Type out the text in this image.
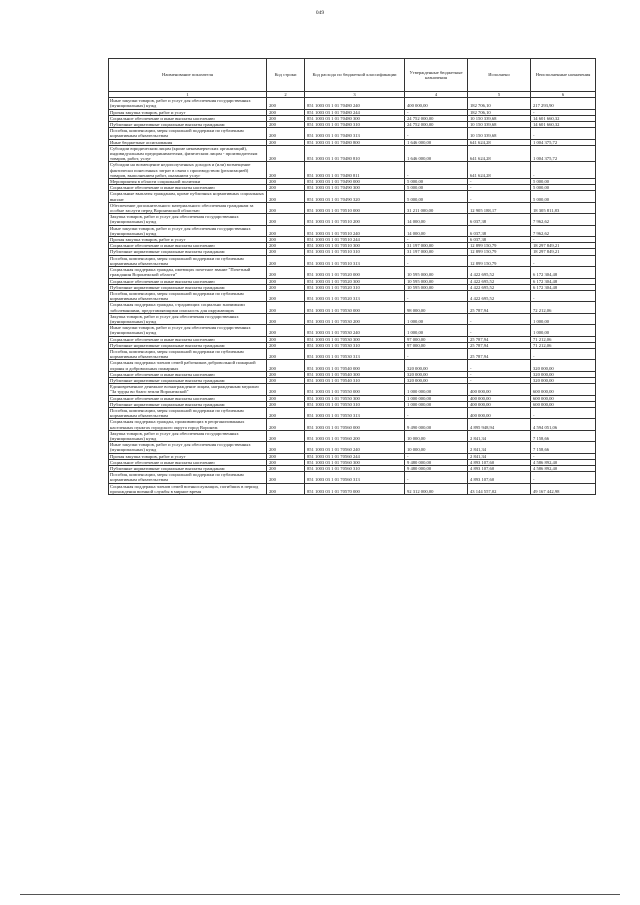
049
Наименование показателя	Код строки	Код расхода по бюджетной классификации	Утвержденные бюджетные назначения	Исполнено	Неисполненные назначения
1	2	3	4	5	6
Иные закупки товаров, работ и услуг для обеспечения государственных (муниципальных) нужд	200	851 1003 03 1 01 70480 240	400 000,00	182 706,10	217 293,90
Прочая закупка товаров, работ и услуг	200	851 1003 03 1 01 70480 244	-	182 706,10	-
Социальное обеспечение и иные выплаты населению	200	851 1003 03 1 01 70480 300	24 752 000,00	10 150 339,68	14 601 660,32
Публичные нормативные социальные выплаты гражданам	200	851 1003 03 1 01 70480 310	24 752 000,00	10 150 339,68	14 601 660,32
Пособия, компенсации, меры социальной поддержки по публичным нормативным обязательствам	200	851 1003 03 1 01 70480 313	-	10 150 339,68	-
Иные бюджетные ассигнования	200	851 1003 03 1 01 70480 800	1 646 000,00	641 624,28	1 004 375,72
Субсидии юридическим лицам (кроме некоммерческих организаций), индивидуальным предпринимателям, физическим лицам - производителям товаров, работ, услуг	200	851 1003 03 1 01 70480 810	1 646 000,00	641 624,28	1 004 375,72
Субсидии на возмещение недополученных доходов и (или) возмещение фактически понесенных затрат в связи с производством (реализацией) товаров, выполнением работ, оказанием услуг	200	851 1003 03 1 01 70480 811	-	641 624,28	-
Мероприятия в области социальной политики	200	851 1003 03 1 01 70490 000	5 000,00	-	5 000,00
Социальное обеспечение и иные выплаты населению	200	851 1003 03 1 01 70490 300	5 000,00	-	5 000,00
Социальные выплаты гражданам, кроме публичных нормативных социальных выплат	200	851 1003 03 1 01 70490 320	5 000,00	-	5 000,00
Обеспечение дополнительного материального обеспечения гражданам за особые заслуги перед Воронежской областью	200	851 1003 03 1 01 70510 000	31 211 000,00	12 905 188,17	18 305 811,83
Закупка товаров, работ и услуг для обеспечения государственных (муниципальных) нужд	200	851 1003 03 1 01 70510 200	14 000,00	6 037,38	7 962,62
Иные закупки товаров, работ и услуг для обеспечения государственных (муниципальных) нужд	200	851 1003 03 1 01 70510 240	14 000,00	6 037,38	7 962,62
Прочая закупка товаров, работ и услуг	200	851 1003 03 1 01 70510 244	-	6 037,38	-
Социальное обеспечение и иные выплаты населению	200	851 1003 03 1 01 70510 300	31 197 000,00	12 899 150,79	18 297 849,21
Публичные нормативные социальные выплаты гражданам	200	851 1003 03 1 01 70510 310	31 197 000,00	12 899 150,79	18 297 849,21
Пособия, компенсации, меры социальной поддержки по публичным нормативным обязательствам	200	851 1003 03 1 01 70510 313	-	12 899 150,79	-
Социальная поддержка граждан, имеющих почетное звание "Почетный гражданин Воронежской области"	200	851 1003 03 1 01 70520 000	10 595 000,00	4 422 695,52	6 172 304,48
Социальное обеспечение и иные выплаты населению	200	851 1003 03 1 01 70520 300	10 595 000,00	4 422 695,52	6 172 304,48
Публичные нормативные социальные выплаты гражданам	200	851 1003 03 1 01 70520 310	10 595 000,00	4 422 695,52	6 172 304,48
Пособия, компенсации, меры социальной поддержки по публичным нормативным обязательствам	200	851 1003 03 1 01 70520 313	-	4 422 695,52	-
Социальная поддержка граждан, страдающих социально значимыми заболеваниями, представляющими опасность для окружающих	200	851 1003 03 1 01 70530 000	98 000,00	25 787,94	72 212,06
Закупка товаров, работ и услуг для обеспечения государственных (муниципальных) нужд	200	851 1003 03 1 01 70530 200	1 000,00	-	1 000,00
Иные закупки товаров, работ и услуг для обеспечения государственных (муниципальных) нужд	200	851 1003 03 1 01 70530 240	1 000,00	-	1 000,00
Социальное обеспечение и иные выплаты населению	200	851 1003 03 1 01 70530 300	97 000,00	25 787,94	71 212,06
Публичные нормативные социальные выплаты гражданам	200	851 1003 03 1 01 70530 310	97 000,00	25 787,94	71 212,06
Пособия, компенсации, меры социальной поддержки по публичным нормативным обязательствам	200	851 1003 03 1 01 70530 313	-	25 787,94	-
Социальная поддержка членов семей работников добровольной пожарной охраны и добровольных пожарных	200	851 1003 03 1 01 70540 000	320 000,00	-	320 000,00
Социальное обеспечение и иные выплаты населению	200	851 1003 03 1 01 70540 300	320 000,00	-	320 000,00
Публичные нормативные социальные выплаты гражданам	200	851 1003 03 1 01 70540 310	320 000,00	-	320 000,00
Единовременное денежное вознаграждение лицам, награжденным медалью "За труды во благо земли Воронежской"	200	851 1003 03 1 01 70550 000	1 000 000,00	400 000,00	600 000,00
Социальное обеспечение и иные выплаты населению	200	851 1003 03 1 01 70550 300	1 000 000,00	400 000,00	600 000,00
Публичные нормативные социальные выплаты гражданам	200	851 1003 03 1 01 70550 310	1 000 000,00	400 000,00	600 000,00
Пособия, компенсации, меры социальной поддержки по публичным нормативным обязательствам	200	851 1003 03 1 01 70550 313	-	400 000,00	-
Социальная поддержка граждан, проживающих в реорганизованных населенных пунктах городского округа город Воронеж	200	851 1003 03 1 01 70560 000	9 490 000,00	4 895 948,94	4 594 051,06
Закупка товаров, работ и услуг для обеспечения государственных (муниципальных) нужд	200	851 1003 03 1 01 70560 200	10 000,00	2 841,34	7 158,66
Иные закупки товаров, работ и услуг для обеспечения государственных (муниципальных) нужд	200	851 1003 03 1 01 70560 240	10 000,00	2 841,34	7 158,66
Прочая закупка товаров, работ и услуг	200	851 1003 03 1 01 70560 244	-	2 841,34	-
Социальное обеспечение и иные выплаты населению	200	851 1003 03 1 01 70560 300	9 480 000,00	4 893 107,60	4 586 892,40
Публичные нормативные социальные выплаты гражданам	200	851 1003 03 1 01 70560 310	9 480 000,00	4 893 107,60	4 586 892,40
Пособия, компенсации, меры социальной поддержки по публичным нормативным обязательствам	200	851 1003 03 1 01 70560 313	-	4 893 107,60	-
Социальная поддержка членов семей военнослужащих, погибших в период прохождения военной службы в мирное время	200	851 1003 03 1 01 70570 000	92 312 000,00	43 144 557,02	49 167 442,98
